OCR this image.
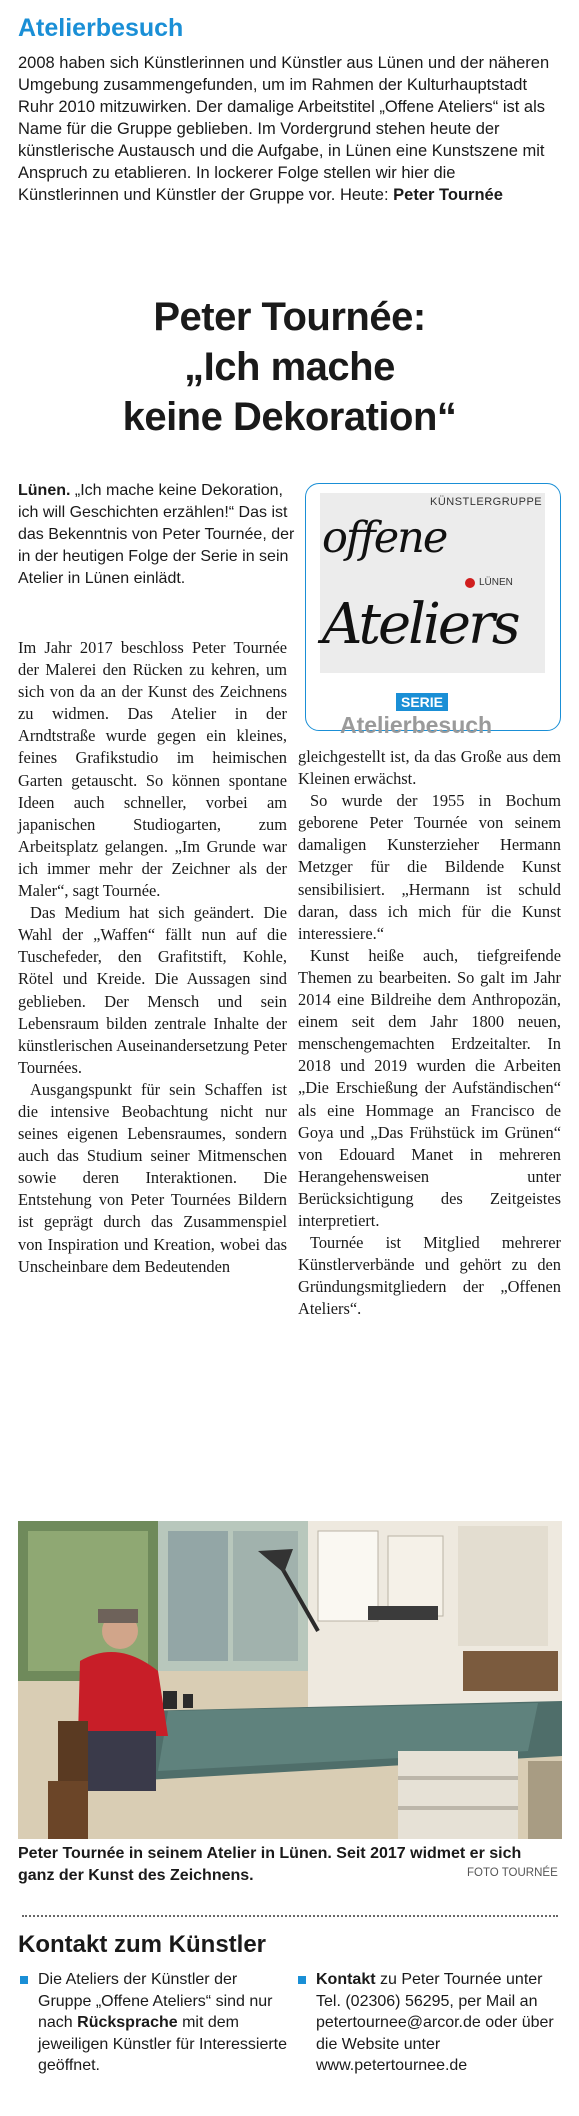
Atelierbesuch
2008 haben sich Künstlerinnen und Künstler aus Lünen und der näheren Umgebung zusammengefunden, um im Rahmen der Kulturhauptstadt Ruhr 2010 mitzuwirken. Der damalige Arbeitstitel „Offene Ateliers“ ist als Name für die Gruppe geblieben. Im Vordergrund stehen heute der künstlerische Austausch und die Aufgabe, in Lünen eine Kunstszene mit Anspruch zu etablieren. In lockerer Folge stellen wir hier die Künstlerinnen und Künstler der Gruppe vor. Heute: Peter Tournée
Peter Tournée:
„Ich mache
keine Dekoration“
Lünen. „Ich mache keine Dekoration, ich will Geschichten erzählen!“ Das ist das Bekenntnis von Peter Tournée, der in der heutigen Folge der Serie in sein Atelier in Lünen einlädt.
KÜNSTLERGRUPPE
offene
LÜNEN
Ateliers
SERIE
Atelierbesuch

Im Jahr 2017 beschloss Peter Tournée der Malerei den Rücken zu kehren, um sich von da an der Kunst des Zeichnens zu widmen. Das Atelier in der Arndtstraße wurde gegen ein kleines, feines Grafikstudio im heimischen Garten getauscht. So können spontane Ideen auch schneller, vorbei am japanischen Studiogarten, zum Arbeitsplatz gelangen. „Im Grunde war ich immer mehr der Zeichner als der Maler“, sagt Tournée.

Das Medium hat sich geändert. Die Wahl der „Waffen“ fällt nun auf die Tuschefeder, den Grafitstift, Kohle, Rötel und Kreide. Die Aussagen sind geblieben. Der Mensch und sein Lebensraum bilden zentrale Inhalte der künstlerischen Auseinandersetzung Peter Tournées.

Ausgangspunkt für sein Schaffen ist die intensive Beobachtung nicht nur seines eigenen Lebensraumes, sondern auch das Studium seiner Mitmenschen sowie deren Interaktionen. Die Entstehung von Peter Tournées Bildern ist geprägt durch das Zusammenspiel von Inspiration und Kreation, wobei das Unscheinbare dem Bedeutenden

gleichgestellt ist, da das Große aus dem Kleinen erwächst.

So wurde der 1955 in Bochum geborene Peter Tournée von seinem damaligen Kunsterzieher Hermann Metzger für die Bildende Kunst sensibilisiert. „Hermann ist schuld daran, dass ich mich für die Kunst interessiere.“

Kunst heiße auch, tiefgreifende Themen zu bearbeiten. So galt im Jahr 2014 eine Bildreihe dem Anthropozän, einem seit dem Jahr 1800 neuen, menschengemachten Erdzeitalter. In 2018 und 2019 wurden die Arbeiten „Die Erschießung der Aufständischen“ als eine Hommage an Francisco de Goya und „Das Frühstück im Grünen“ von Edouard Manet in mehreren Herangehensweisen unter Berücksichtigung des Zeitgeistes interpretiert.

Tournée ist Mitglied mehrerer Künstlerverbände und gehört zu den Gründungsmitgliedern der „Offenen Ateliers“.

Peter Tournée in seinem Atelier in Lünen. Seit 2017 widmet er sich ganz der Kunst des Zeichnens.	FOTO TOURNÉE
Kontakt zum Künstler
Die Ateliers der Künstler der Gruppe „Offene Ateliers“ sind nur nach Rücksprache mit dem jeweiligen Künstler für Interessierte geöffnet.
Kontakt zu Peter Tournée unter Tel. (02306) 56295, per Mail an petertournee@arcor.de oder über die Website unter www.petertournee.de
